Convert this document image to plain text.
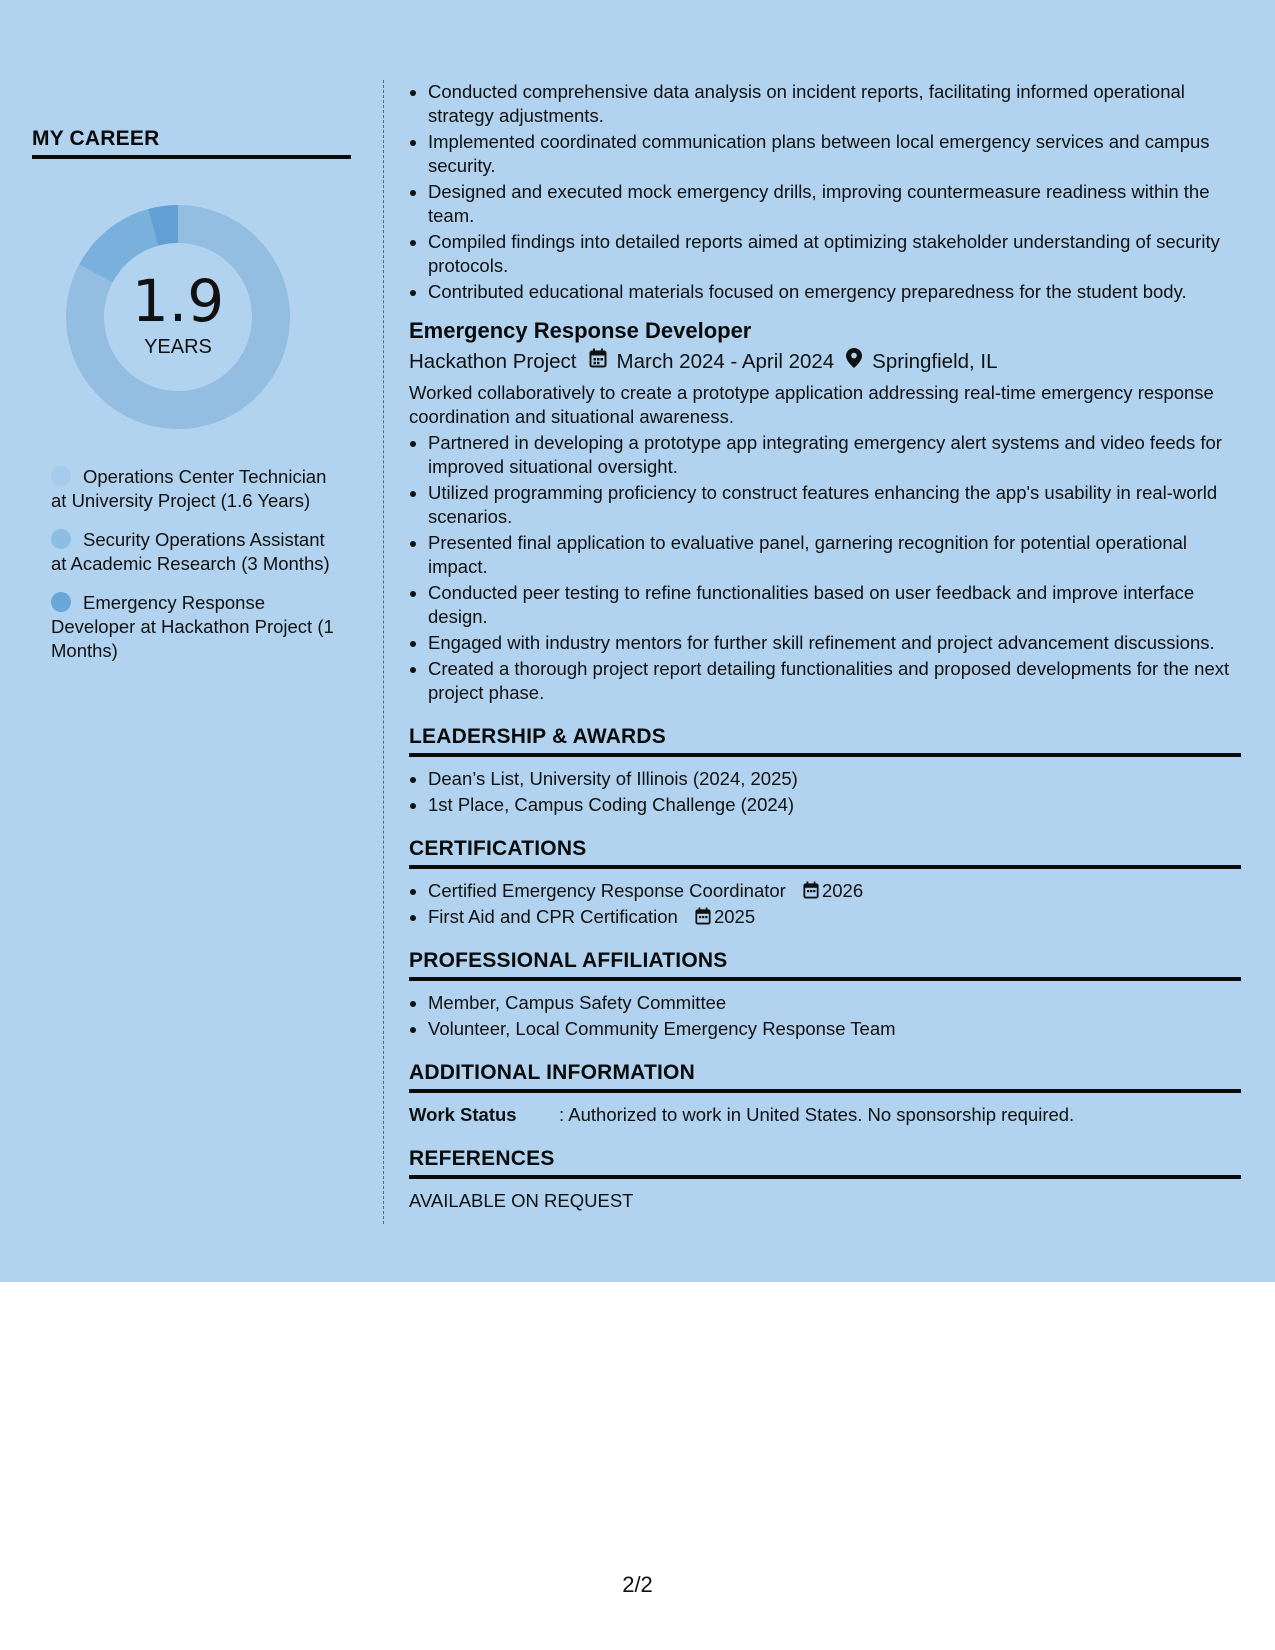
MY CAREER
1.9
YEARS
Operations Center Technician at University Project (1.6 Years)
Security Operations Assistant at Academic Research (3 Months)
Emergency Response Developer at Hackathon Project (1 Months)
• Conducted comprehensive data analysis on incident reports, facilitating informed operational strategy adjustments.
• Implemented coordinated communication plans between local emergency services and campus security.
• Designed and executed mock emergency drills, improving countermeasure readiness within the team.
• Compiled findings into detailed reports aimed at optimizing stakeholder understanding of security protocols.
• Contributed educational materials focused on emergency preparedness for the student body.
Emergency Response Developer
Hackathon Project March 2024 - April 2024 Springfield, IL
Worked collaboratively to create a prototype application addressing real-time emergency response coordination and situational awareness.
• Partnered in developing a prototype app integrating emergency alert systems and video feeds for improved situational oversight.
• Utilized programming proficiency to construct features enhancing the app's usability in real-world scenarios.
• Presented final application to evaluative panel, garnering recognition for potential operational impact.
• Conducted peer testing to refine functionalities based on user feedback and improve interface design.
• Engaged with industry mentors for further skill refinement and project advancement discussions.
• Created a thorough project report detailing functionalities and proposed developments for the next project phase.
LEADERSHIP & AWARDS
• Dean’s List, University of Illinois (2024, 2025)
• 1st Place, Campus Coding Challenge (2024)
CERTIFICATIONS
• Certified Emergency Response Coordinator 2026
• First Aid and CPR Certification 2025
PROFESSIONAL AFFILIATIONS
• Member, Campus Safety Committee
• Volunteer, Local Community Emergency Response Team
ADDITIONAL INFORMATION
Work Status : Authorized to work in United States. No sponsorship required.
REFERENCES
AVAILABLE ON REQUEST
2/2
